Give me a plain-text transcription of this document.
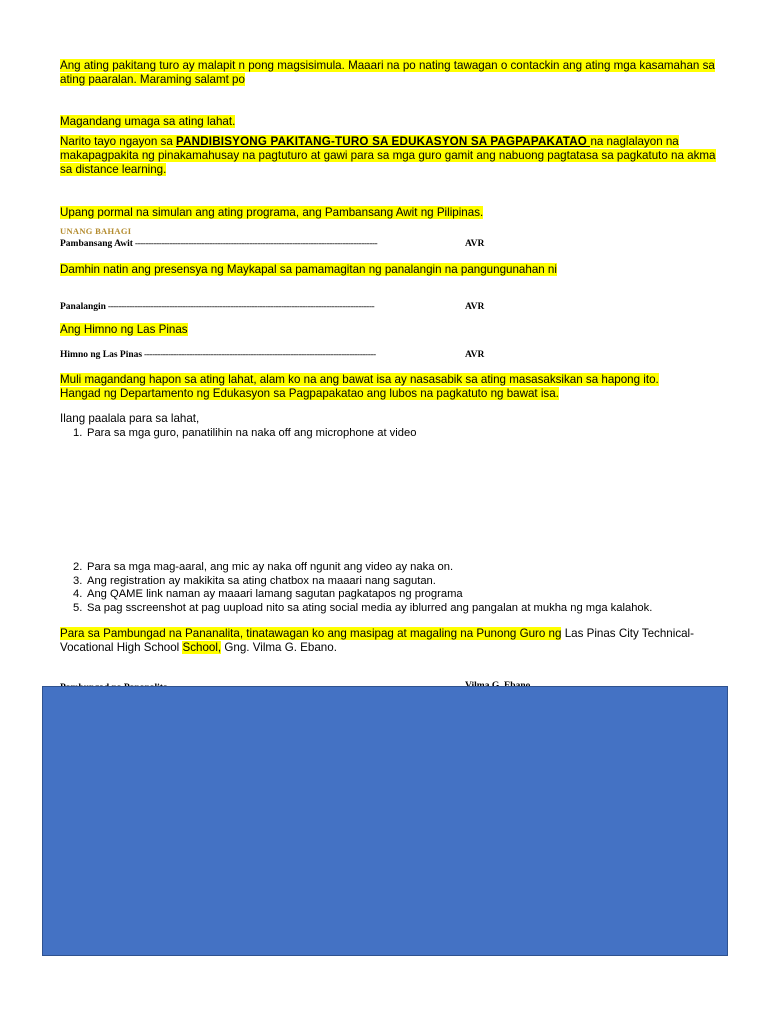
Ang ating pakitang turo ay malapit n pong magsisimula. Maaari na po nating tawagan o contackin ang ating mga kasamahan sa
ating paaralan. Maraming salamt po

Magandang umaga sa ating lahat.

Narito tayo ngayon sa PANDIBISYONG PAKITANG-TURO SA EDUKASYON SA PAGPAPAKATAO na naglalayon na
makapagpakita ng pinakamahusay na pagtuturo at gawi para sa mga guro gamit ang nabuong pagtatasa sa pagkatuto na akma
sa distance learning.

Upang pormal na simulan ang ating programa, ang Pambansang Awit ng Pilipinas.

UNANG BAHAGI
Pambansang Awit -------------------------------------------------------------------------------------------	AVR

Damhin natin ang presensya ng Maykapal sa pamamagitan ng panalangin na pangungunahan ni

Panalangin ----------------------------------------------------------------------------------------------------	AVR

Ang Himno ng Las Pinas

Himno ng Las Pinas ---------------------------------------------------------------------------------------	AVR

Muli magandang hapon sa ating lahat, alam ko na ang bawat isa ay nasasabik sa ating masasaksikan sa hapong ito.
Hangad ng Departamento ng Edukasyon sa Pagpapakatao ang lubos na pagkatuto ng bawat isa.

Ilang paalala para sa lahat,

1. Para sa mga guro, panatilihin na naka off ang microphone at video
2. Para sa mga mag-aaral, ang mic ay naka off ngunit ang video ay naka on.
3. Ang registration ay makikita sa ating chatbox na maaari nang sagutan.
4. Ang QAME link naman ay maaari lamang sagutan pagkatapos ng programa
5. Sa pag sscreenshot at pag uupload nito sa ating social media ay iblurred ang pangalan at mukha ng mga kalahok.

Para sa Pambungad na Pananalita, tinatawagan ko ang masipag at magaling na Punong Guro ng Las Pinas City Technical-
Vocational High School School, Gng. Vilma G. Ebano.
